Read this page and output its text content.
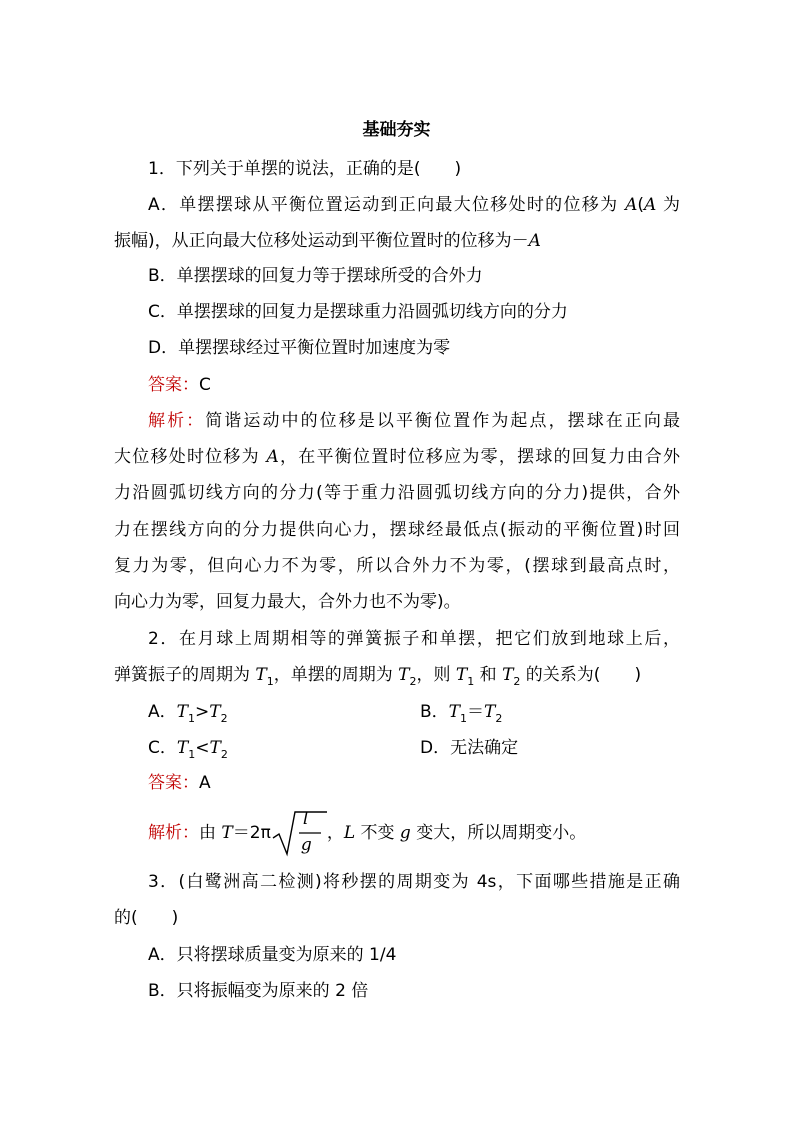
基础夯实
1．下列关于单摆的说法，正确的是(　　)
A．单摆摆球从平衡位置运动到正向最大位移处时的位移为 A(A 为
振幅)，从正向最大位移处运动到平衡位置时的位移为－A
B．单摆摆球的回复力等于摆球所受的合外力
C．单摆摆球的回复力是摆球重力沿圆弧切线方向的分力
D．单摆摆球经过平衡位置时加速度为零
答案：C
解析：简谐运动中的位移是以平衡位置作为起点，摆球在正向最
大位移处时位移为 A，在平衡位置时位移应为零，摆球的回复力由合外
力沿圆弧切线方向的分力(等于重力沿圆弧切线方向的分力)提供，合外
力在摆线方向的分力提供向心力，摆球经最低点(振动的平衡位置)时回
复力为零，但向心力不为零，所以合外力不为零，(摆球到最高点时，
向心力为零，回复力最大，合外力也不为零)。
2．在月球上周期相等的弹簧振子和单摆，把它们放到地球上后，
弹簧振子的周期为 $T_1$，单摆的周期为 $T_2$，则 $T_1$ 和 $T_2$ 的关系为(　　)
A．$T_1>T_2$	B．$T_1=T_2$
C．$T_1<T_2$	D．无法确定
答案：A
解析：由 T＝2π
l
g
，L 不变 g 变大，所以周期变小。
3．(白鹭洲高二检测)将秒摆的周期变为 4s，下面哪些措施是正确
的(　　)
A．只将摆球质量变为原来的 1/4
B．只将振幅变为原来的 2 倍
